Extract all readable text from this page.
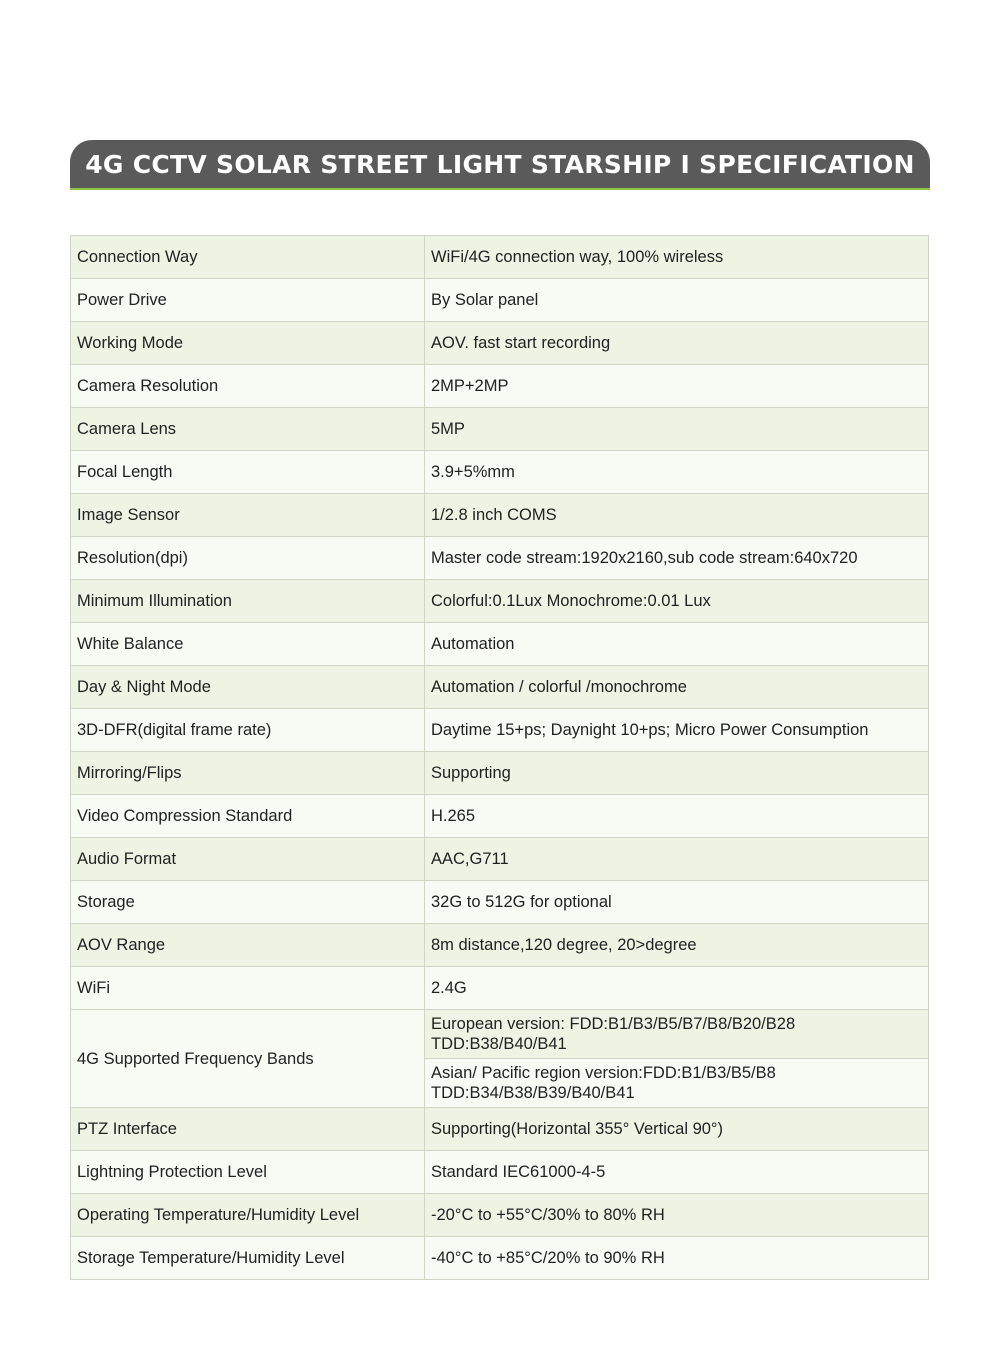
4G CCTV SOLAR STREET LIGHT STARSHIP I SPECIFICATION
Connection Way	WiFi/4G connection way, 100% wireless
Power Drive	By Solar panel
Working Mode	AOV. fast start recording
Camera Resolution	2MP+2MP
Camera Lens	5MP
Focal Length	3.9+5%mm
Image Sensor	1/2.8 inch COMS
Resolution(dpi)	Master code stream:1920x2160,sub code stream:640x720
Minimum Illumination	Colorful:0.1Lux Monochrome:0.01 Lux
White Balance	Automation
Day & Night Mode	Automation / colorful /monochrome
3D-DFR(digital frame rate)	Daytime 15+ps; Daynight 10+ps; Micro Power Consumption
Mirroring/Flips	Supporting
Video Compression Standard	H.265
Audio Format	AAC,G711
Storage	32G to 512G for optional
AOV Range	8m distance,120 degree, 20>degree
WiFi	2.4G
4G Supported Frequency Bands	European version: FDD:B1/B3/B5/B7/B8/B20/B28
TDD:B38/B40/B41

	Asian/ Pacific region version:FDD:B1/B3/B5/B8
TDD:B34/B38/B39/B40/B41

PTZ Interface	Supporting(Horizontal 355° Vertical 90°)
Lightning Protection Level	Standard IEC61000-4-5
Operating Temperature/Humidity Level	-20°C to +55°C/30% to 80% RH
Storage Temperature/Humidity Level	-40°C to +85°C/20% to 90% RH
